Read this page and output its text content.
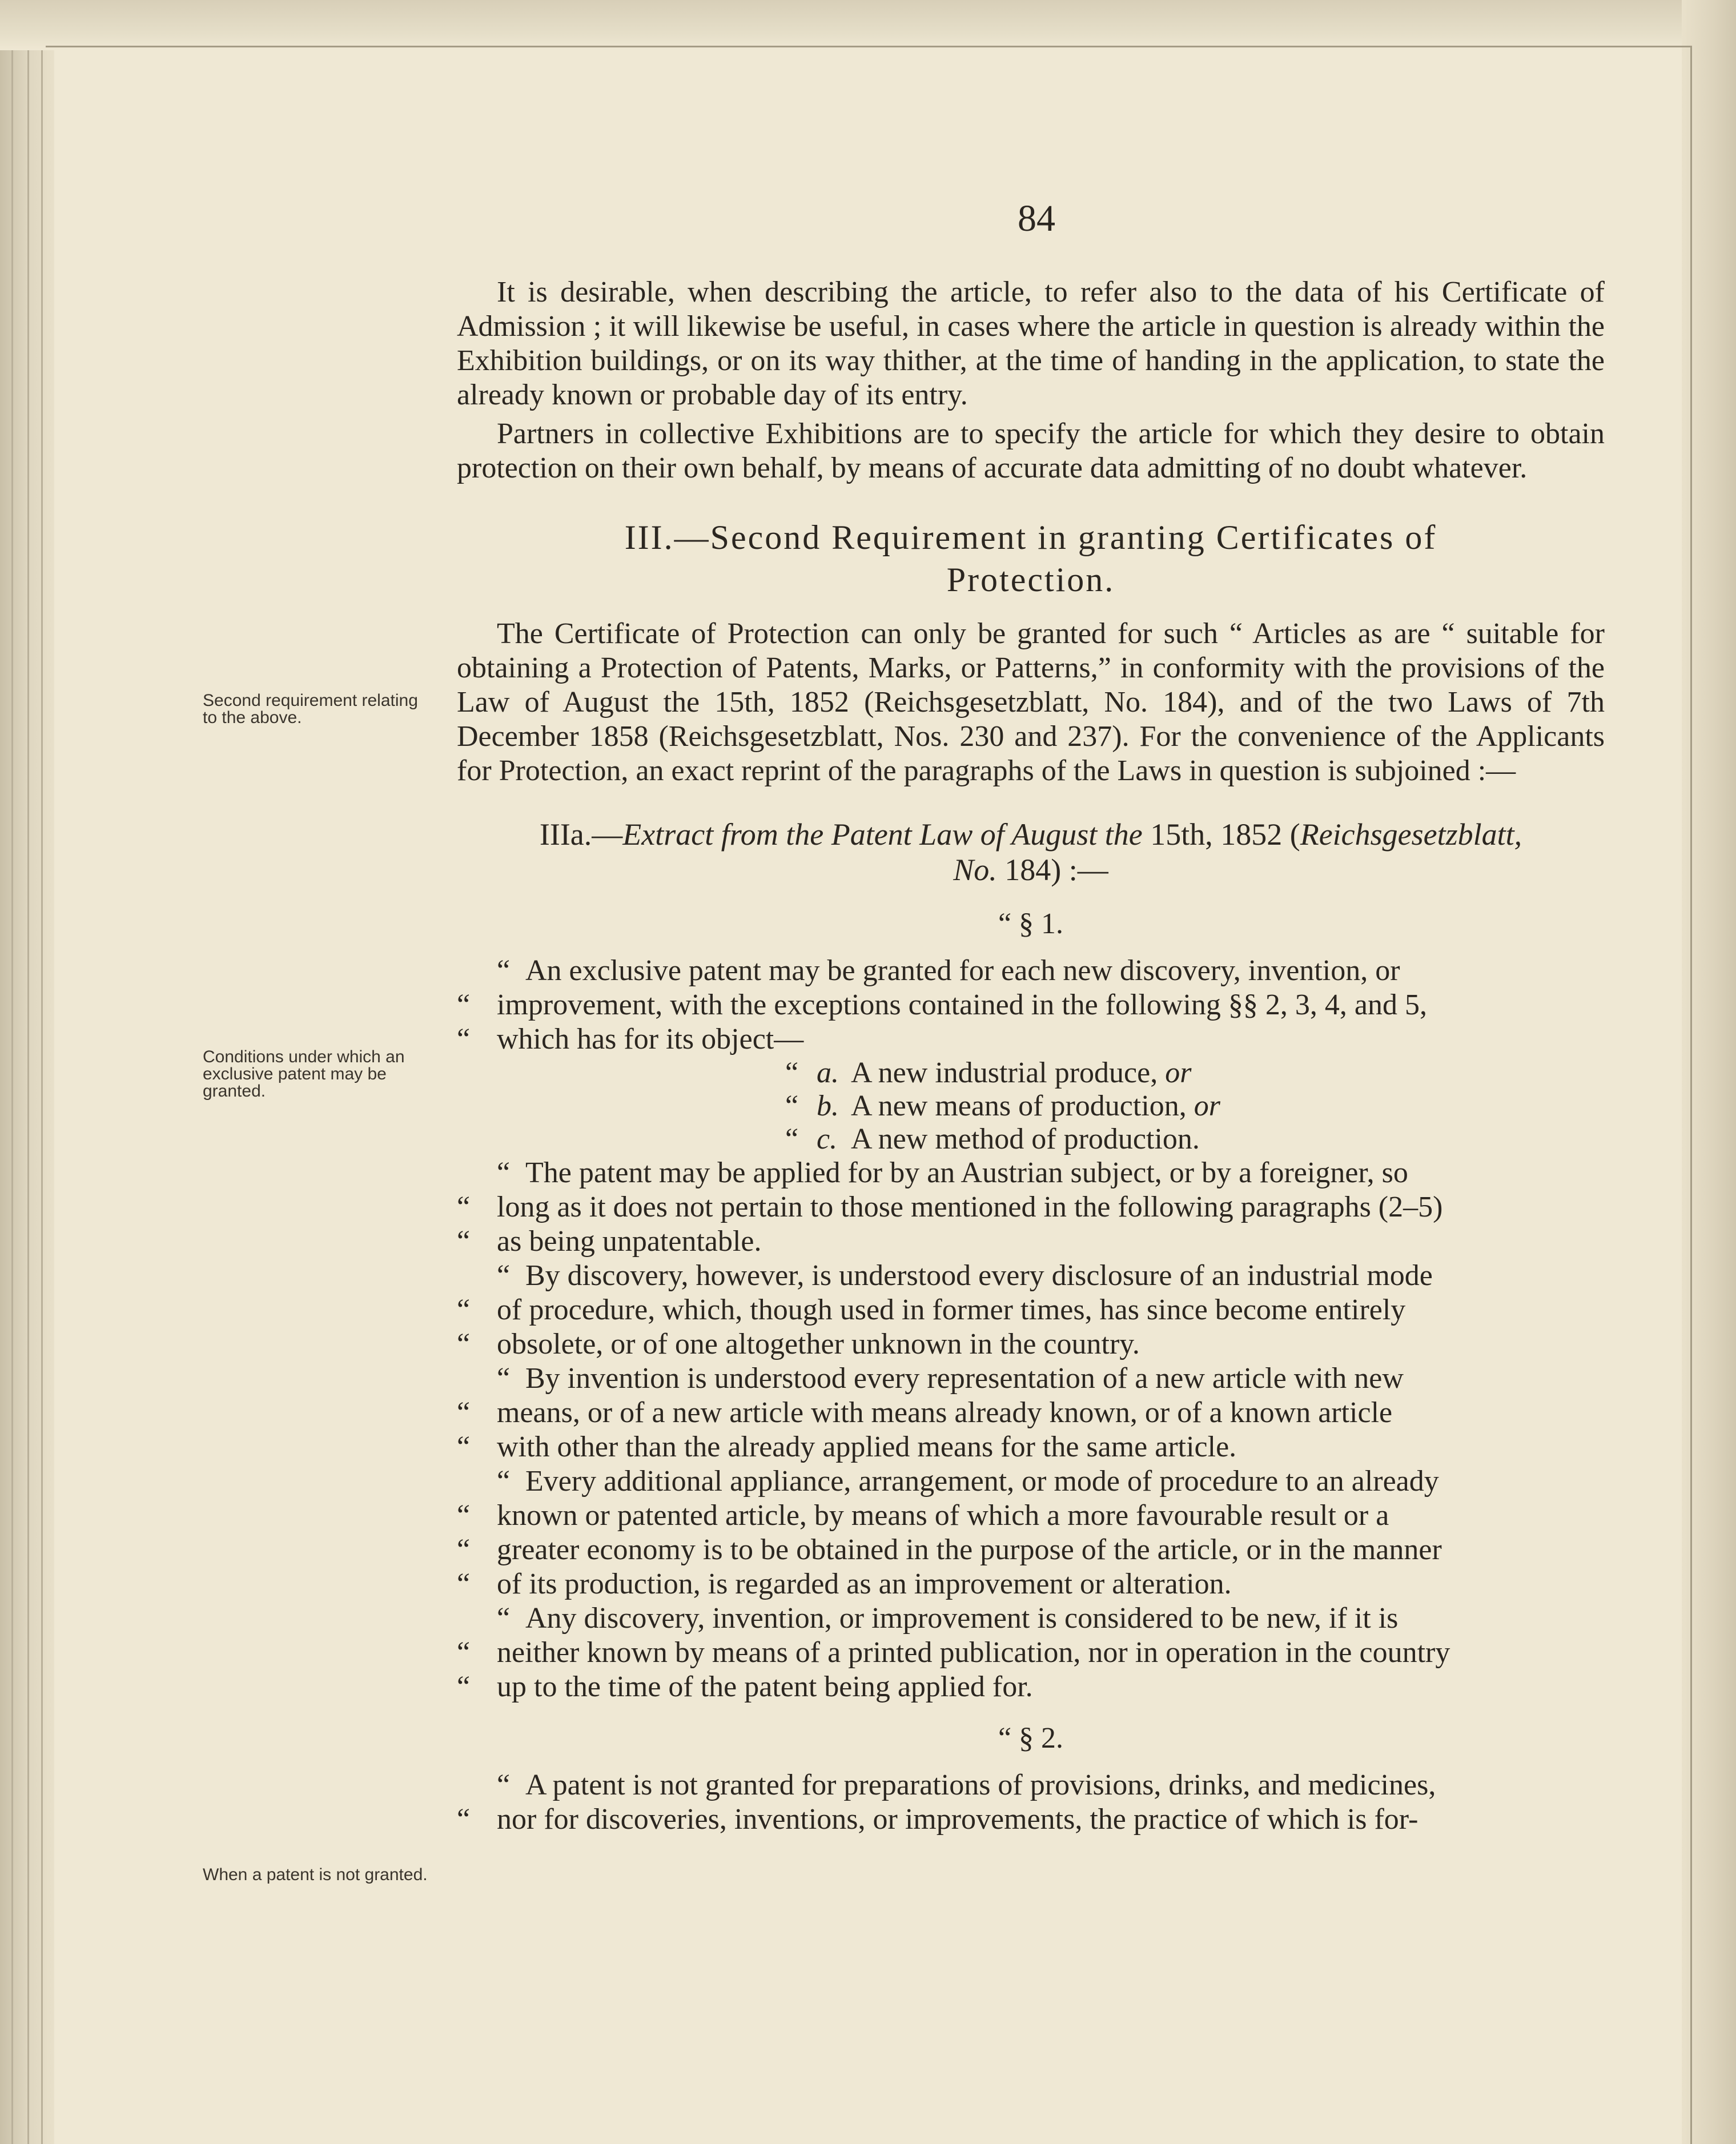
84
Second requirement relating to the above.
Conditions under which an exclusive patent may be granted.
When a patent is not granted.

It is desirable, when describing the article, to refer also to the data of his Certificate of Admission ; it will likewise be useful, in cases where the article in question is already within the Exhibition buildings, or on its way thither, at the time of handing in the application, to state the already known or probable day of its entry.

Partners in collective Exhibitions are to specify the article for which they desire to obtain protection on their own behalf, by means of accurate data admitting of no doubt whatever.

III.—Second Requirement in granting Certificates of
Protection.

The Certificate of Protection can only be granted for such “ Articles as are “ suitable for obtaining a Protection of Patents, Marks, or Patterns,” in conformity with the provisions of the Law of August the 15th, 1852 (Reichsgesetzblatt, No. 184), and of the two Laws of 7th December 1858 (Reichsgesetzblatt, Nos. 230 and 237). For the convenience of the Applicants for Protection, an exact reprint of the paragraphs of the Laws in question is subjoined :—

IIIa.—Extract from the Patent Law of August the 15th, 1852 (Reichsgesetzblatt,
No. 184) :—
“ § 1.
“ An exclusive patent may be granted for each new discovery, invention, or
“ improvement, with the exceptions contained in the following §§ 2, 3, 4, and 5,
“ which has for its object—
“ a. A new industrial produce,
or
“ b. A new means of production,
or
“ c. A new method of production.
“ The patent may be applied for by an Austrian subject, or by a foreigner, so
“ long as it does not pertain to those mentioned in the following paragraphs (2–5)
“ as being unpatentable.
“ By discovery, however, is understood every disclosure of an industrial mode
“ of procedure, which, though used in former times, has since become entirely
“ obsolete, or of one altogether unknown in the country.
“ By invention is understood every representation of a new article with new
“ means, or of a new article with means already known, or of a known article
“ with other than the already applied means for the same article.
“ Every additional appliance, arrangement, or mode of procedure to an already
“ known or patented article, by means of which a more favourable result or a
“ greater economy is to be obtained in the purpose of the article, or in the manner
“ of its production, is regarded as an improvement or alteration.
“ Any discovery, invention, or improvement is considered to be new, if it is
“ neither known by means of a printed publication, nor in operation in the country
“ up to the time of the patent being applied for.
“ § 2.
“ A patent is not granted for preparations of provisions, drinks, and medicines,
“ nor for discoveries, inventions, or improvements, the practice of which is for-
